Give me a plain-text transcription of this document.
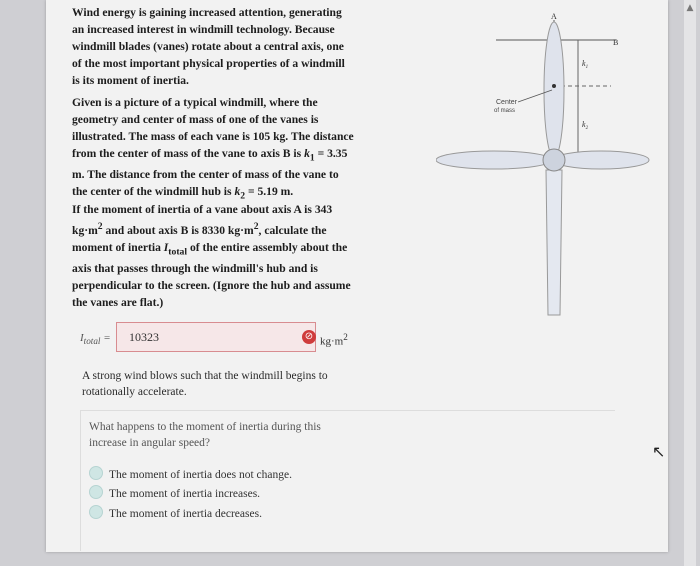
Wind energy is gaining increased attention, generating an increased interest in windmill technology. Because windmill blades (vanes) rotate about a central axis, one of the most important physical properties of a windmill is its moment of inertia.
Given is a picture of a typical windmill, where the geometry and center of mass of one of the vanes is illustrated. The mass of each vane is 105 kg. The distance from the center of mass of the vane to axis B is $k_1 = 3.35$ m. The distance from the center of mass of the vane to the center of the windmill hub is $k_2 = 5.19$ m.
If the moment of inertia of a vane about axis A is 343 $kg\cdot m^2$ and about axis B is 8330 $kg\cdot m^2$, calculate the moment of inertia $I_{total}$ of the entire assembly about the axis that passes through the windmill's hub and is perpendicular to the screen. (Ignore the hub and assume the vanes are flat.)
$I_{total}$ =	10323	⊘ $kg\cdot m^2$
A strong wind blows such that the windmill begins to rotationally accelerate.
What happens to the moment of inertia during this increase in angular speed?
The moment of inertia does not change.
The moment of inertia increases.
The moment of inertia decreases.
A
B
$k_1$
$k_2$
Center
of mass
▲
↖
